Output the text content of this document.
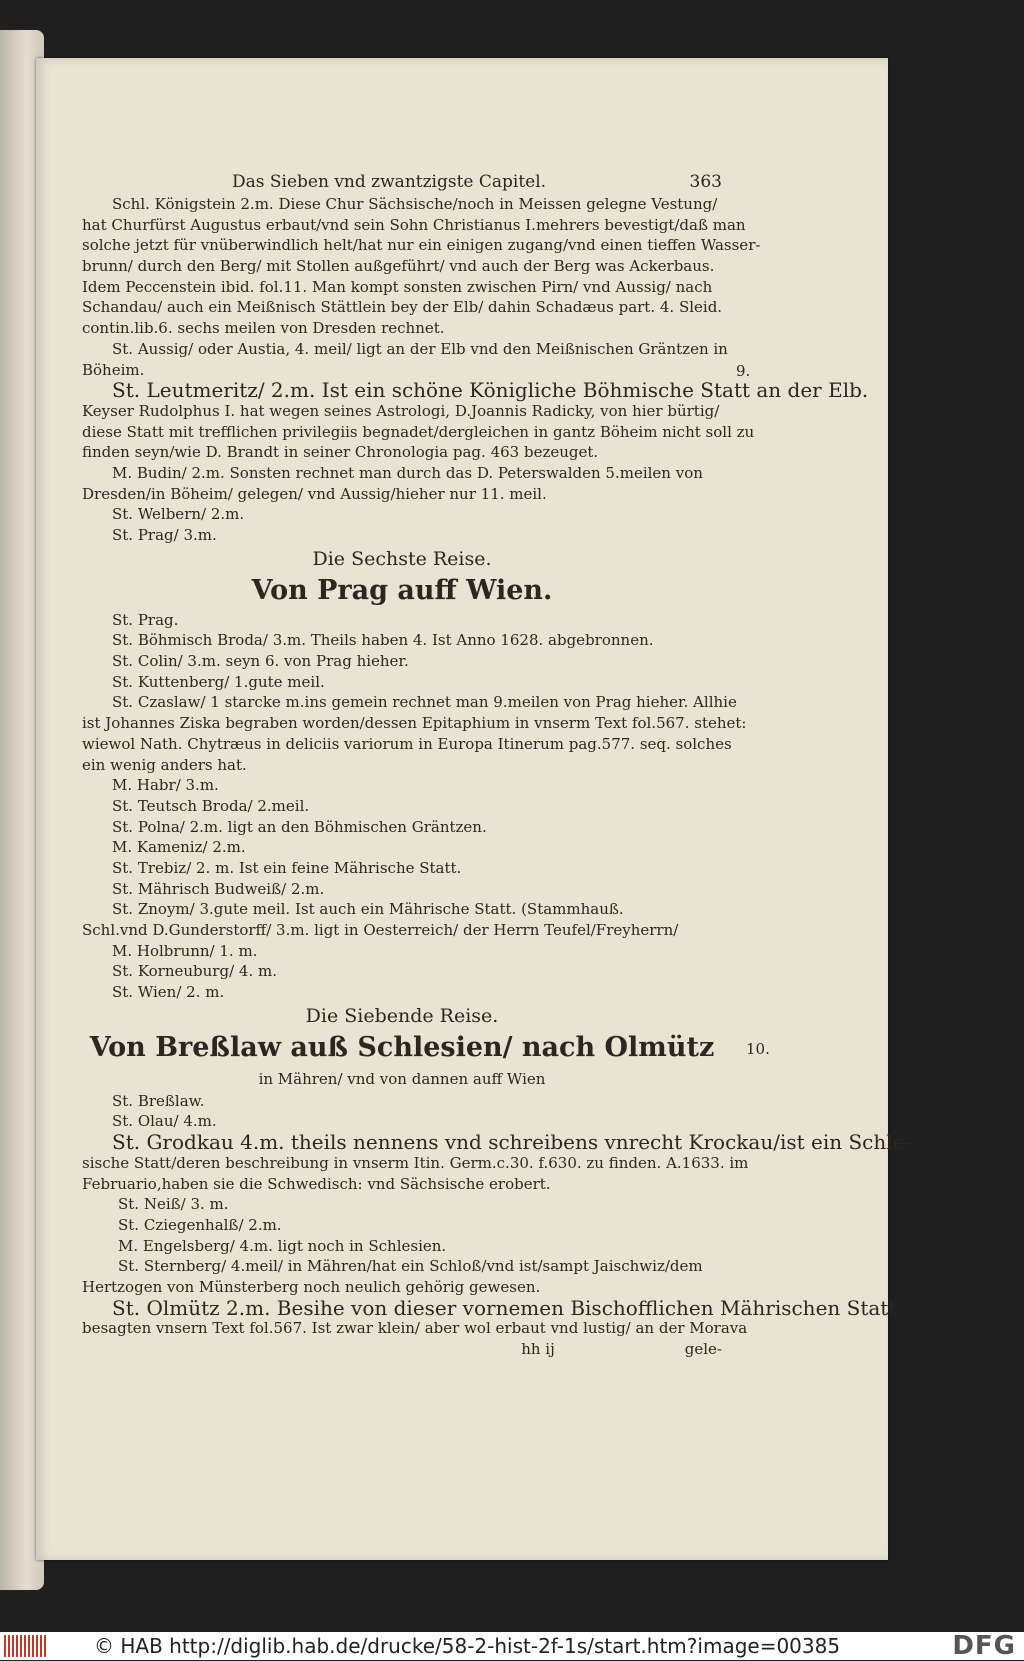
9.
10.
Das Sieben vnd zwantzigste Capitel.	363
Schl. Königstein 2.m. Diese Chur Sächsische/noch in Meissen gelegne Vestung/
hat Churfürst Augustus erbaut/vnd sein Sohn Christianus I.mehrers bevestigt/daß man
solche jetzt für vnüberwindlich helt/hat nur ein einigen zugang/vnd einen tieffen Wasser-
brunn/ durch den Berg/ mit Stollen außgeführt/ vnd auch der Berg was Ackerbaus.
Idem Peccenstein ibid. fol.11. Man kompt sonsten zwischen Pirn/ vnd Aussig/ nach
Schandau/ auch ein Meißnisch Stättlein bey der Elb/ dahin Schadæus part. 4. Sleid.
contin.lib.6. sechs meilen von Dresden rechnet.
St. Aussig/ oder Austia, 4. meil/ ligt an der Elb vnd den Meißnischen Gräntzen in
Böheim.
St. Leutmeritz/ 2.m. Ist ein schöne Königliche Böhmische Statt an der Elb.
Keyser Rudolphus I. hat wegen seines Astrologi, D.Joannis Radicky, von hier bürtig/
diese Statt mit trefflichen privilegiis begnadet/dergleichen in gantz Böheim nicht soll zu
finden seyn/wie D. Brandt in seiner Chronologia pag. 463 bezeuget.
M. Budin/ 2.m. Sonsten rechnet man durch das D. Peterswalden 5.meilen von
Dresden/in Böheim/ gelegen/ vnd Aussig/hieher nur 11. meil.
St. Welbern/ 2.m.
St. Prag/ 3.m.
Die Sechste Reise.
Von Prag auff Wien.
St. Prag.
St. Böhmisch Broda/ 3.m. Theils haben 4. Ist Anno 1628. abgebronnen.
St. Colin/ 3.m. seyn 6. von Prag hieher.
St. Kuttenberg/ 1.gute meil.
St. Czaslaw/ 1 starcke m.ins gemein rechnet man 9.meilen von Prag hieher. Allhie
ist Johannes Ziska begraben worden/dessen Epitaphium in vnserm Text fol.567. stehet:
wiewol Nath. Chytræus in deliciis variorum in Europa Itinerum pag.577. seq. solches
ein wenig anders hat.
M. Habr/ 3.m.
St. Teutsch Broda/ 2.meil.
St. Polna/ 2.m. ligt an den Böhmischen Gräntzen.
M. Kameniz/ 2.m.
St. Trebiz/ 2. m. Ist ein feine Mährische Statt.
St. Mährisch Budweiß/ 2.m.
St. Znoym/ 3.gute meil. Ist auch ein Mährische Statt. (Stammhauß.
Schl.vnd D.Gunderstorff/ 3.m. ligt in Oesterreich/ der Herrn Teufel/Freyherrn/
M. Holbrunn/ 1. m.
St. Korneuburg/ 4. m.
St. Wien/ 2. m.
Die Siebende Reise.
Von Breßlaw auß Schlesien/ nach Olmütz
in Mähren/ vnd von dannen auff Wien
St. Breßlaw.
St. Olau/ 4.m.
St. Grodkau 4.m. theils nennens vnd schreibens vnrecht Krockau/ist ein Schle-
sische Statt/deren beschreibung in vnserm Itin. Germ.c.30. f.630. zu finden. A.1633. im
Februario,haben sie die Schwedisch: vnd Sächsische erobert.
St. Neiß/ 3. m.
St. Cziegenhalß/ 2.m.
M. Engelsberg/ 4.m. ligt noch in Schlesien.
St. Sternberg/ 4.meil/ in Mähren/hat ein Schloß/vnd ist/sampt Jaischwiz/dem
Hertzogen von Münsterberg noch neulich gehörig gewesen.
St. Olmütz 2.m. Besihe von dieser vornemen Bischofflichen Mährischen Statt
besagten vnsern Text fol.567. Ist zwar klein/ aber wol erbaut vnd lustig/ an der Morava
hh ij	gele-
© HAB http://diglib.hab.de/drucke/58-2-hist-2f-1s/start.htm?image=00385	DFG
